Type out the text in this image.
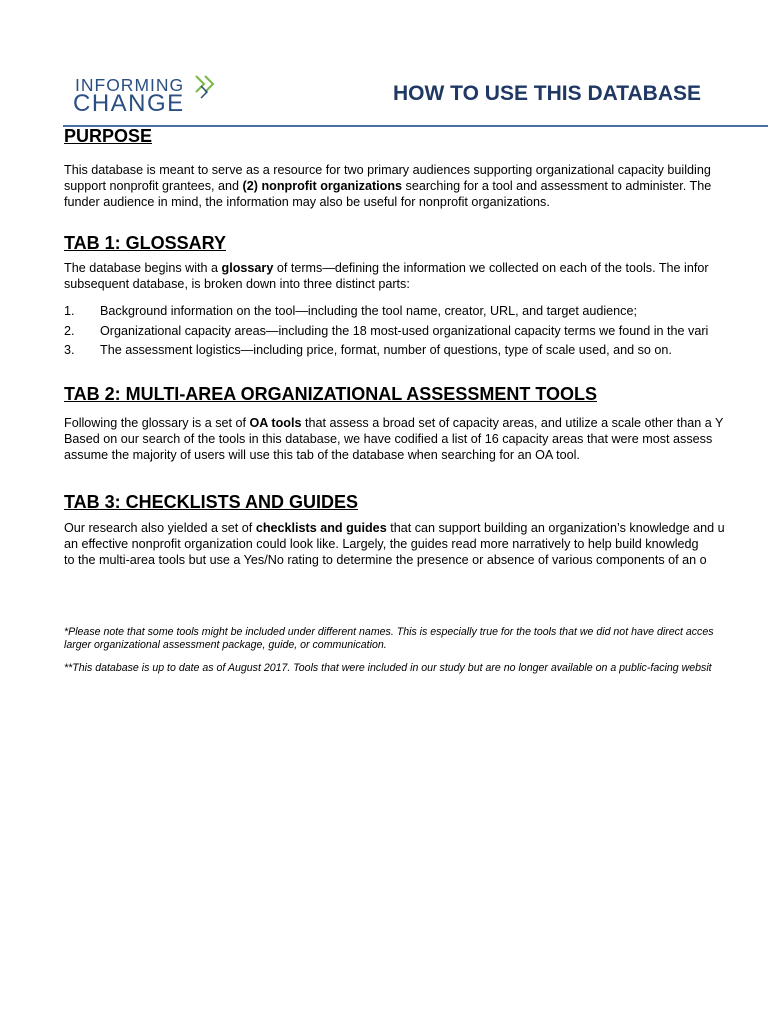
INFORMING
CHANGE	HOW TO USE THIS DATABASE
PURPOSE
This database is meant to serve as a resource for two primary audiences supporting organizational capacity building
support nonprofit grantees, and (2) nonprofit organizations searching for a tool and assessment to administer. The
funder audience in mind, the information may also be useful for nonprofit organizations.
TAB 1: GLOSSARY
The database begins with a glossary of terms—defining the information we collected on each of the tools. The infor
subsequent database, is broken down into three distinct parts:
1. Background information on the tool—including the tool name, creator, URL, and target audience;
2. Organizational capacity areas—including the 18 most-used organizational capacity terms we found in the vari
3. The assessment logistics—including price, format, number of questions, type of scale used, and so on.
TAB 2: MULTI-AREA ORGANIZATIONAL ASSESSMENT TOOLS
Following the glossary is a set of OA tools that assess a broad set of capacity areas, and utilize a scale other than a Y
Based on our search of the tools in this database, we have codified a list of 16 capacity areas that were most assess
assume the majority of users will use this tab of the database when searching for an OA tool.
TAB 3: CHECKLISTS AND GUIDES
Our research also yielded a set of checklists and guides that can support building an organization’s knowledge and u
an effective nonprofit organization could look like. Largely, the guides read more narratively to help build knowledg
to the multi-area tools but use a Yes/No rating to determine the presence or absence of various components of an o
*Please note that some tools might be included under different names. This is especially true for the tools that we did not have direct acces
larger organizational assessment package, guide, or communication.
**This database is up to date as of August 2017. Tools that were included in our study but are no longer available on a public-facing websit
